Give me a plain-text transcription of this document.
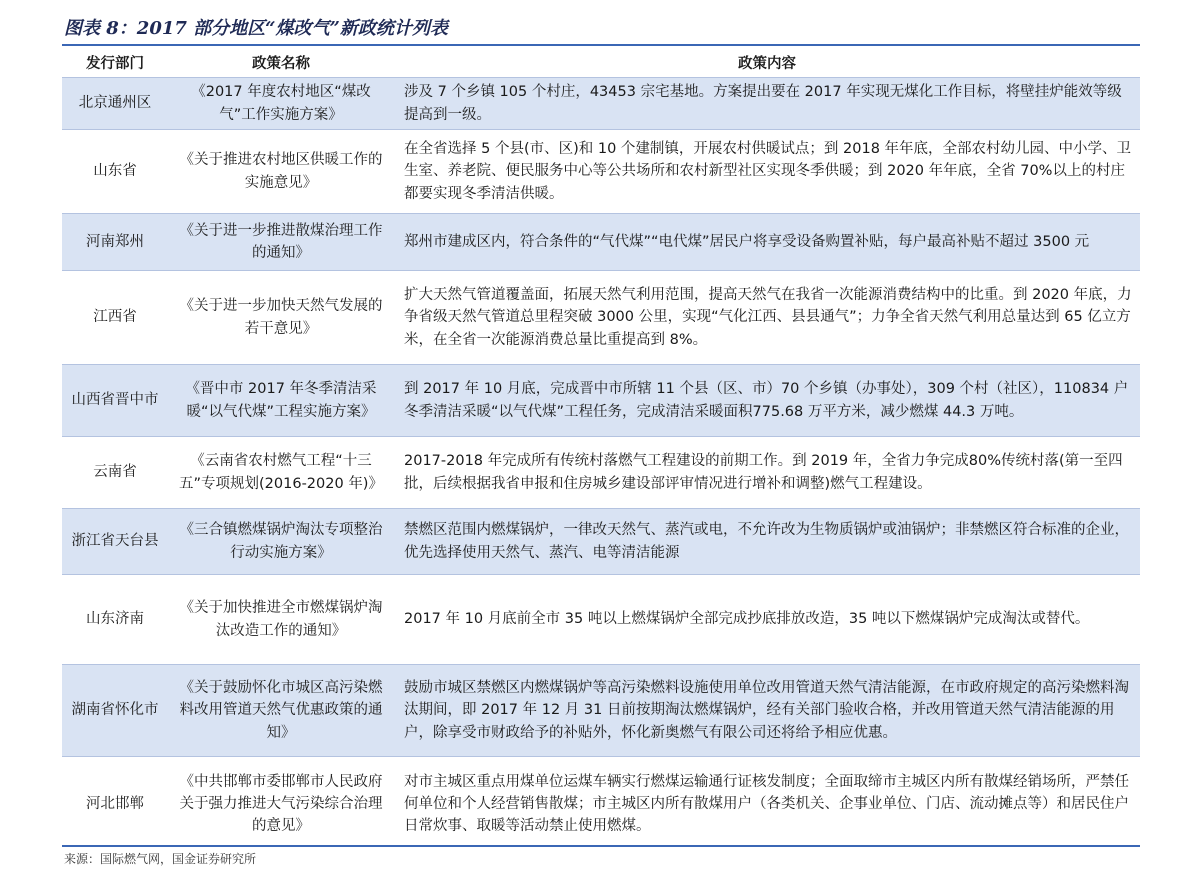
图表 8：2017 部分地区“煤改气”新政统计列表
发行部门	政策名称	政策内容
北京通州区	《2017 年度农村地区“煤改气”工作实施方案》	涉及 7 个乡镇 105 个村庄，43453 宗宅基地。方案提出要在 2017 年实现无煤化工作目标，将壁挂炉能效等级提高到一级。
山东省	《关于推进农村地区供暖工作的实施意见》	在全省选择 5 个县(市、区)和 10 个建制镇，开展农村供暖试点；到 2018 年年底，全部农村幼儿园、中小学、卫生室、养老院、便民服务中心等公共场所和农村新型社区实现冬季供暖；到 2020 年年底，全省 70%以上的村庄都要实现冬季清洁供暖。
河南郑州	《关于进一步推进散煤治理工作的通知》	郑州市建成区内，符合条件的“气代煤”“电代煤”居民户将享受设备购置补贴，每户最高补贴不超过 3500 元
江西省	《关于进一步加快天然气发展的若干意见》	扩大天然气管道覆盖面，拓展天然气利用范围，提高天然气在我省一次能源消费结构中的比重。到 2020 年底，力争省级天然气管道总里程突破 3000 公里，实现“气化江西、县县通气”；力争全省天然气利用总量达到 65 亿立方米，在全省一次能源消费总量比重提高到 8%。
山西省晋中市	《晋中市 2017 年冬季清洁采暖“以气代煤”工程实施方案》	到 2017 年 10 月底，完成晋中市所辖 11 个县（区、市）70 个乡镇（办事处），309 个村（社区），110834 户冬季清洁采暖“以气代煤”工程任务，完成清洁采暖面积775.68 万平方米，减少燃煤 44.3 万吨。
云南省	《云南省农村燃气工程“十三五”专项规划(2016-2020 年)》	2017-2018 年完成所有传统村落燃气工程建设的前期工作。到 2019 年，全省力争完成80%传统村落(第一至四批，后续根据我省申报和住房城乡建设部评审情况进行增补和调整)燃气工程建设。
浙江省天台县	《三合镇燃煤锅炉淘汰专项整治行动实施方案》	禁燃区范围内燃煤锅炉，一律改天然气、蒸汽或电，不允许改为生物质锅炉或油锅炉；非禁燃区符合标准的企业，优先选择使用天然气、蒸汽、电等清洁能源
山东济南	《关于加快推进全市燃煤锅炉淘汰改造工作的通知》	2017 年 10 月底前全市 35 吨以上燃煤锅炉全部完成抄底排放改造，35 吨以下燃煤锅炉完成淘汰或替代。
湖南省怀化市	《关于鼓励怀化市城区高污染燃料改用管道天然气优惠政策的通知》	鼓励市城区禁燃区内燃煤锅炉等高污染燃料设施使用单位改用管道天然气清洁能源，在市政府规定的高污染燃料淘汰期间，即 2017 年 12 月 31 日前按期淘汰燃煤锅炉，经有关部门验收合格，并改用管道天然气清洁能源的用户，除享受市财政给予的补贴外，怀化新奥燃气有限公司还将给予相应优惠。
河北邯郸	《中共邯郸市委邯郸市人民政府关于强力推进大气污染综合治理的意见》	对市主城区重点用煤单位运煤车辆实行燃煤运输通行证核发制度；全面取缔市主城区内所有散煤经销场所，严禁任何单位和个人经营销售散煤；市主城区内所有散煤用户（各类机关、企事业单位、门店、流动摊点等）和居民住户日常炊事、取暖等活动禁止使用燃煤。
来源：国际燃气网，国金证券研究所
